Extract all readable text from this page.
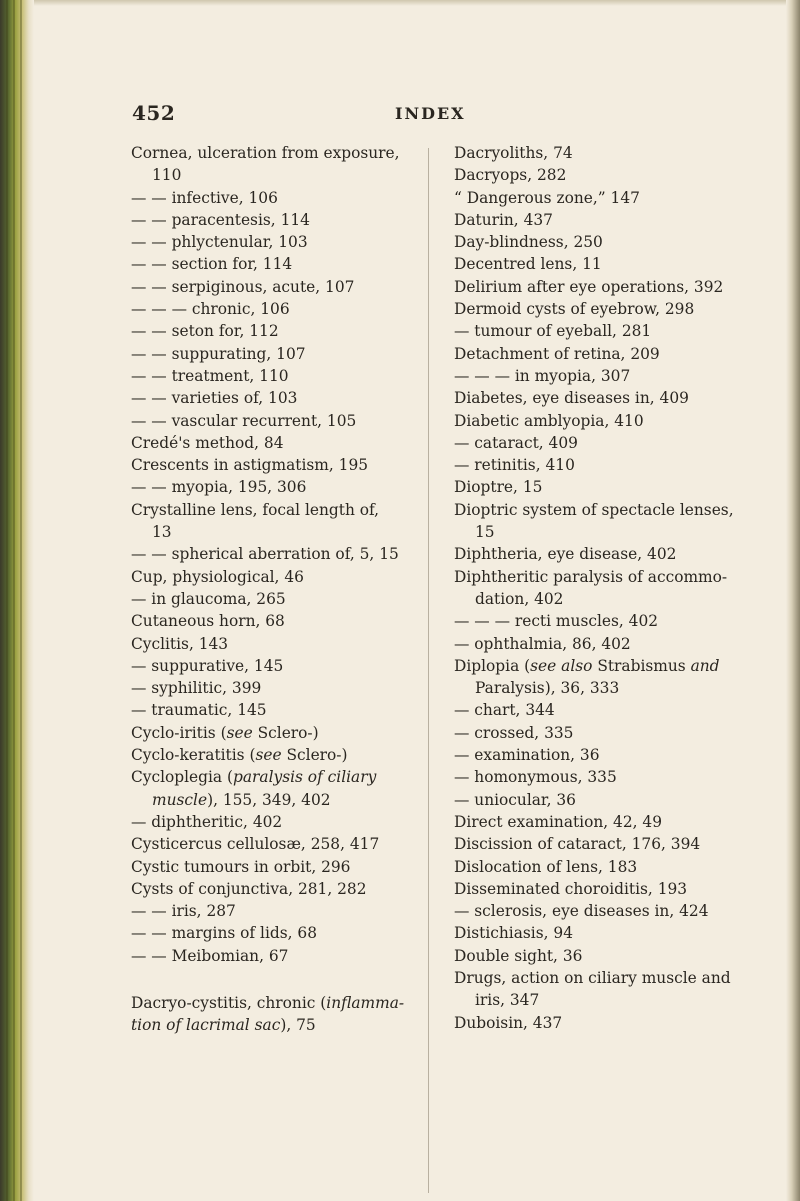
452	INDEX
Cornea, ulceration from exposure,
110
— — infective, 106
— — paracentesis, 114
— — phlyctenular, 103
— — section for, 114
— — serpiginous, acute, 107
— — — chronic, 106
— — seton for, 112
— — suppurating, 107
— — treatment, 110
— — varieties of, 103
— — vascular recurrent, 105
Credé's method, 84
Crescents in astigmatism, 195
— — myopia, 195, 306
Crystalline lens, focal length of,
13
— — spherical aberration of, 5, 15
Cup, physiological, 46
— in glaucoma, 265
Cutaneous horn, 68
Cyclitis, 143
— suppurative, 145
— syphilitic, 399
— traumatic, 145
Cyclo-iritis (see Sclero-)
Cyclo-keratitis (see Sclero-)
Cycloplegia (paralysis of ciliary
muscle), 155, 349, 402
— diphtheritic, 402
Cysticercus cellulosæ, 258, 417
Cystic tumours in orbit, 296
Cysts of conjunctiva, 281, 282
— — iris, 287
— — margins of lids, 68
— — Meibomian, 67
Dacryo-cystitis, chronic (inflamma-
tion of lacrimal sac), 75
Dacryoliths, 74
Dacryops, 282
“ Dangerous zone,” 147
Daturin, 437
Day-blindness, 250
Decentred lens, 11
Delirium after eye operations, 392
Dermoid cysts of eyebrow, 298
— tumour of eyeball, 281
Detachment of retina, 209
— — — in myopia, 307
Diabetes, eye diseases in, 409
Diabetic amblyopia, 410
— cataract, 409
— retinitis, 410
Dioptre, 15
Dioptric system of spectacle lenses,
15
Diphtheria, eye disease, 402
Diphtheritic paralysis of accommo-
dation, 402
— — — recti muscles, 402
— ophthalmia, 86, 402
Diplopia (see also Strabismus and
Paralysis), 36, 333
— chart, 344
— crossed, 335
— examination, 36
— homonymous, 335
— uniocular, 36
Direct examination, 42, 49
Discission of cataract, 176, 394
Dislocation of lens, 183
Disseminated choroiditis, 193
— sclerosis, eye diseases in, 424
Distichiasis, 94
Double sight, 36
Drugs, action on ciliary muscle and
iris, 347
Duboisin, 437
